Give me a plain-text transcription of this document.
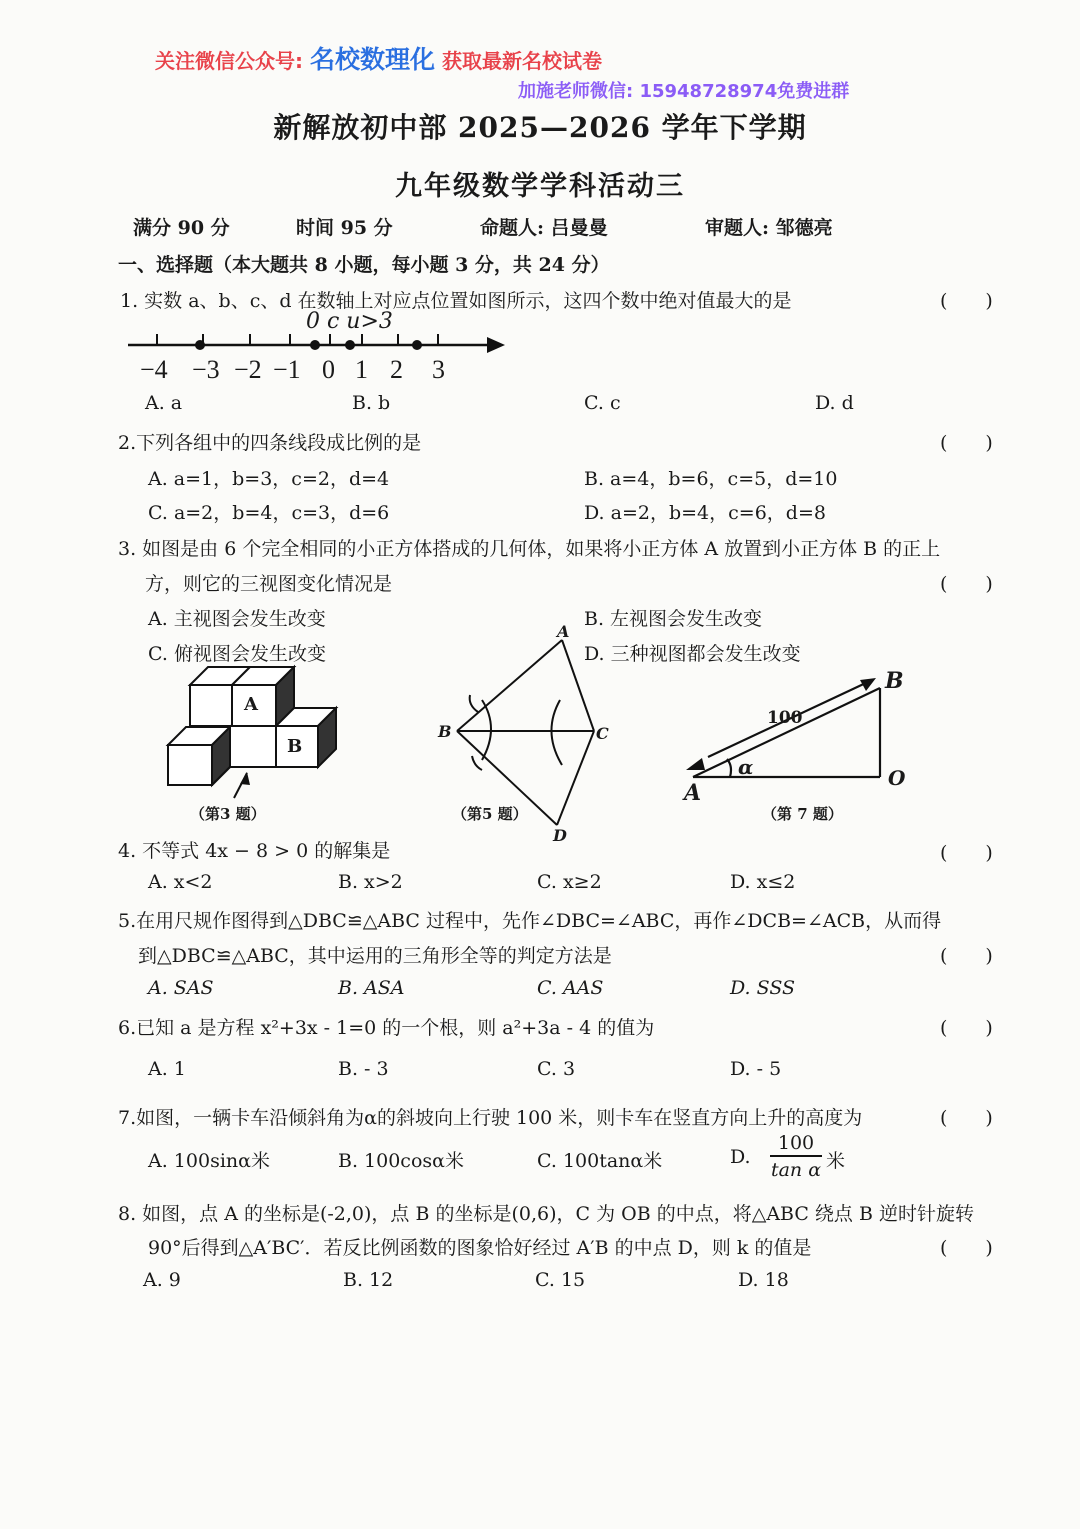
关注微信公众号: 名校数理化 获取最新名校试卷
加施老师微信: 15948728974免费进群
新解放初中部 2025—2026 学年下学期
九年级数学学科活动三
满分 90 分	时间 95 分	命题人: 吕曼曼	审题人: 邹德亮
一、选择题（本大题共 8 小题，每小题 3 分，共 24 分）
1. 实数 a、b、c、d 在数轴上对应点位置如图所示，这四个数中绝对值最大的是	(　　)
0 c u>3
−4 −3 −2 −1 0 1 2 3
A. a	B. b	C. c	D. d
2.下列各组中的四条线段成比例的是	(　　)
A. a=1，b=3，c=2，d=4	B. a=4，b=6，c=5，d=10
C. a=2，b=4，c=3，d=6	D. a=2，b=4，c=6，d=8
3. 如图是由 6 个完全相同的小正方体搭成的几何体，如果将小正方体 A 放置到小正方体 B 的正上
方，则它的三视图变化情况是	(　　)
A. 主视图会发生改变	B. 左视图会发生改变
C. 俯视图会发生改变	D. 三种视图都会发生改变
A
B
（第3 题）
A
B	C
D
（第5 题）
B
A
O
100
α
（第 7 题）
4. 不等式 4x − 8 > 0 的解集是	(　　)
A. x<2	B. x>2	C. x≥2	D. x≤2
5.在用尺规作图得到△DBC≌△ABC 过程中，先作∠DBC=∠ABC，再作∠DCB=∠ACB，从而得
到△DBC≌△ABC，其中运用的三角形全等的判定方法是	(　　)
A. SAS	B. ASA	C. AAS	D. SSS
6.已知 a 是方程 x²+3x - 1=0 的一个根，则 a²+3a - 4 的值为	(　　)
A. 1	B. - 3	C. 3	D. - 5
7.如图，一辆卡车沿倾斜角为α的斜坡向上行驶 100 米，则卡车在竖直方向上升的高度为	(　　)
A. 100sinα米	B. 100cosα米	C. 100tanα米	D. $\frac{100}{\text{tan α}}$ 米
8. 如图，点 A 的坐标是(-2,0)，点 B 的坐标是(0,6)，C 为 OB 的中点，将△ABC 绕点 B 逆时针旋转
90°后得到△A′BC′．若反比例函数的图象恰好经过 A′B 的中点 D，则 k 的值是	(　　)
A. 9	B. 12	C. 15	D. 18
